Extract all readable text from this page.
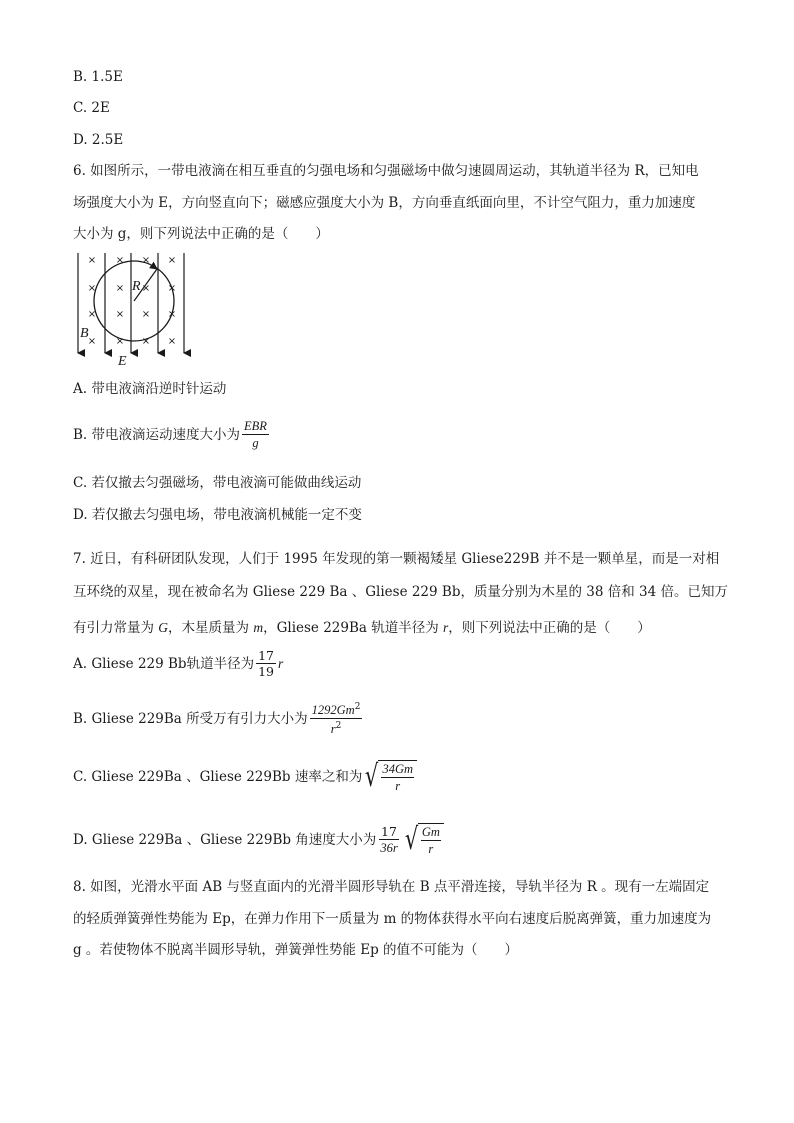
B. 1.5E
C. 2E
D. 2.5E
6. 如图所示，一带电液滴在相互垂直的匀强电场和匀强磁场中做匀速圆周运动，其轨道半径为 R，已知电
场强度大小为 E，方向竖直向下；磁感应强度大小为 B，方向垂直纸面向里，不计空气阻力，重力加速度
大小为 g，则下列说法中正确的是（　　）
× × × ×
× × × ×
× × × ×
× × × ×
R
B
E
A. 带电液滴沿逆时针运动
B. 带电液滴运动速度大小为 $\frac{\text{EBR}}{g}$
C. 若仅撤去匀强磁场，带电液滴可能做曲线运动
D. 若仅撤去匀强电场，带电液滴机械能一定不变
7. 近日，有科研团队发现，人们于 1995 年发现的第一颗褐矮星 Gliese229B 并不是一颗单星，而是一对相
互环绕的双星，现在被命名为 Gliese 229 Ba 、Gliese 229 Bb，质量分别为木星的 38 倍和 34 倍。已知万
有引力常量为 G，木星质量为 m，Gliese 229Ba 轨道半径为 r，则下列说法中正确的是（　　）
A. Gliese 229 Bb轨道半径为 $\frac{17}{19}$ r
B. Gliese 229Ba 所受万有引力大小为 $\frac{1292Gm^2}{r^2}$
C. Gliese 229Ba 、Gliese 229Bb 速率之和为 √ 34Gm
r
D. Gliese 229Ba 、Gliese 229Bb 角速度大小为 $\frac{17}{36r}$ √ Gm
r
8. 如图，光滑水平面 AB 与竖直面内的光滑半圆形导轨在 B 点平滑连接，导轨半径为 R 。现有一左端固定
的轻质弹簧弹性势能为 Ep，在弹力作用下一质量为 m 的物体获得水平向右速度后脱离弹簧，重力加速度为
g 。若使物体不脱离半圆形导轨，弹簧弹性势能 Ep 的值不可能为（　　）
